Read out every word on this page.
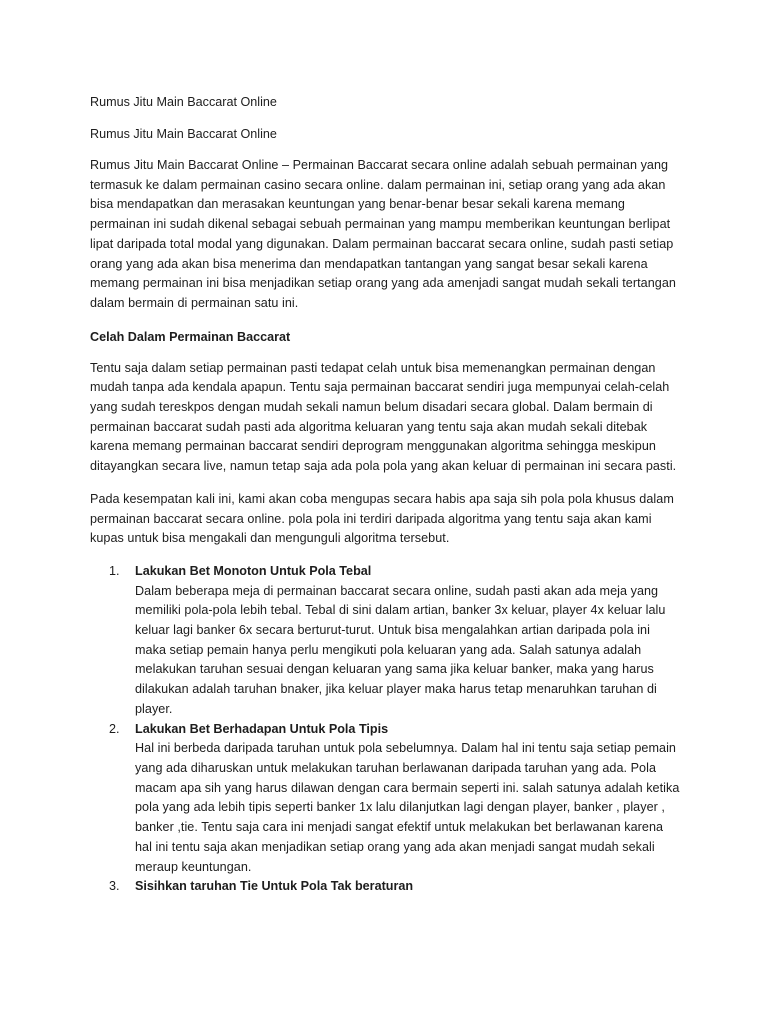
Rumus Jitu Main Baccarat Online

Rumus Jitu Main Baccarat Online

Rumus Jitu Main Baccarat Online – Permainan Baccarat secara online adalah sebuah permainan yang

termasuk ke dalam permainan casino secara online. dalam permainan ini, setiap orang yang ada akan

bisa mendapatkan dan merasakan keuntungan yang benar-benar besar sekali karena memang

permainan ini sudah dikenal sebagai sebuah permainan yang mampu memberikan keuntungan berlipat

lipat daripada total modal yang digunakan. Dalam permainan baccarat secara online, sudah pasti setiap

orang yang ada akan bisa menerima dan mendapatkan tantangan yang sangat besar sekali karena

memang permainan ini bisa menjadikan setiap orang yang ada amenjadi sangat mudah sekali tertangan

dalam bermain di permainan satu ini.

Celah Dalam Permainan Baccarat

Tentu saja dalam setiap permainan pasti tedapat celah untuk bisa memenangkan permainan dengan

mudah tanpa ada kendala apapun. Tentu saja permainan baccarat sendiri juga mempunyai celah-celah

yang sudah tereskpos dengan mudah sekali namun belum disadari secara global. Dalam bermain di

permainan baccarat sudah pasti ada algoritma keluaran yang tentu saja akan mudah sekali ditebak

karena memang permainan baccarat sendiri deprogram menggunakan algoritma sehingga meskipun

ditayangkan secara live, namun tetap saja ada pola pola yang akan keluar di permainan ini secara pasti.

Pada kesempatan kali ini, kami akan coba mengupas secara habis apa saja sih pola pola khusus dalam

permainan baccarat secara online. pola pola ini terdiri daripada algoritma yang tentu saja akan kami

kupas untuk bisa mengakali dan mengunguli algoritma tersebut.

1. Lakukan Bet Monoton Untuk Pola Tebal

Dalam beberapa meja di permainan baccarat secara online, sudah pasti akan ada meja yang

memiliki pola-pola lebih tebal. Tebal di sini dalam artian, banker 3x keluar, player 4x keluar lalu

keluar lagi banker 6x secara berturut-turut. Untuk bisa mengalahkan artian daripada pola ini

maka setiap pemain hanya perlu mengikuti pola keluaran yang ada. Salah satunya adalah

melakukan taruhan sesuai dengan keluaran yang sama jika keluar banker, maka yang harus

dilakukan adalah taruhan bnaker, jika keluar player maka harus tetap menaruhkan taruhan di

player.

2. Lakukan Bet Berhadapan Untuk Pola Tipis

Hal ini berbeda daripada taruhan untuk pola sebelumnya. Dalam hal ini tentu saja setiap pemain

yang ada diharuskan untuk melakukan taruhan berlawanan daripada taruhan yang ada. Pola

macam apa sih yang harus dilawan dengan cara bermain seperti ini. salah satunya adalah ketika

pola yang ada lebih tipis seperti banker 1x lalu dilanjutkan lagi dengan player, banker , player ,

banker ,tie. Tentu saja cara ini menjadi sangat efektif untuk melakukan bet berlawanan karena

hal ini tentu saja akan menjadikan setiap orang yang ada akan menjadi sangat mudah sekali

meraup keuntungan.

3. Sisihkan taruhan Tie Untuk Pola Tak beraturan
